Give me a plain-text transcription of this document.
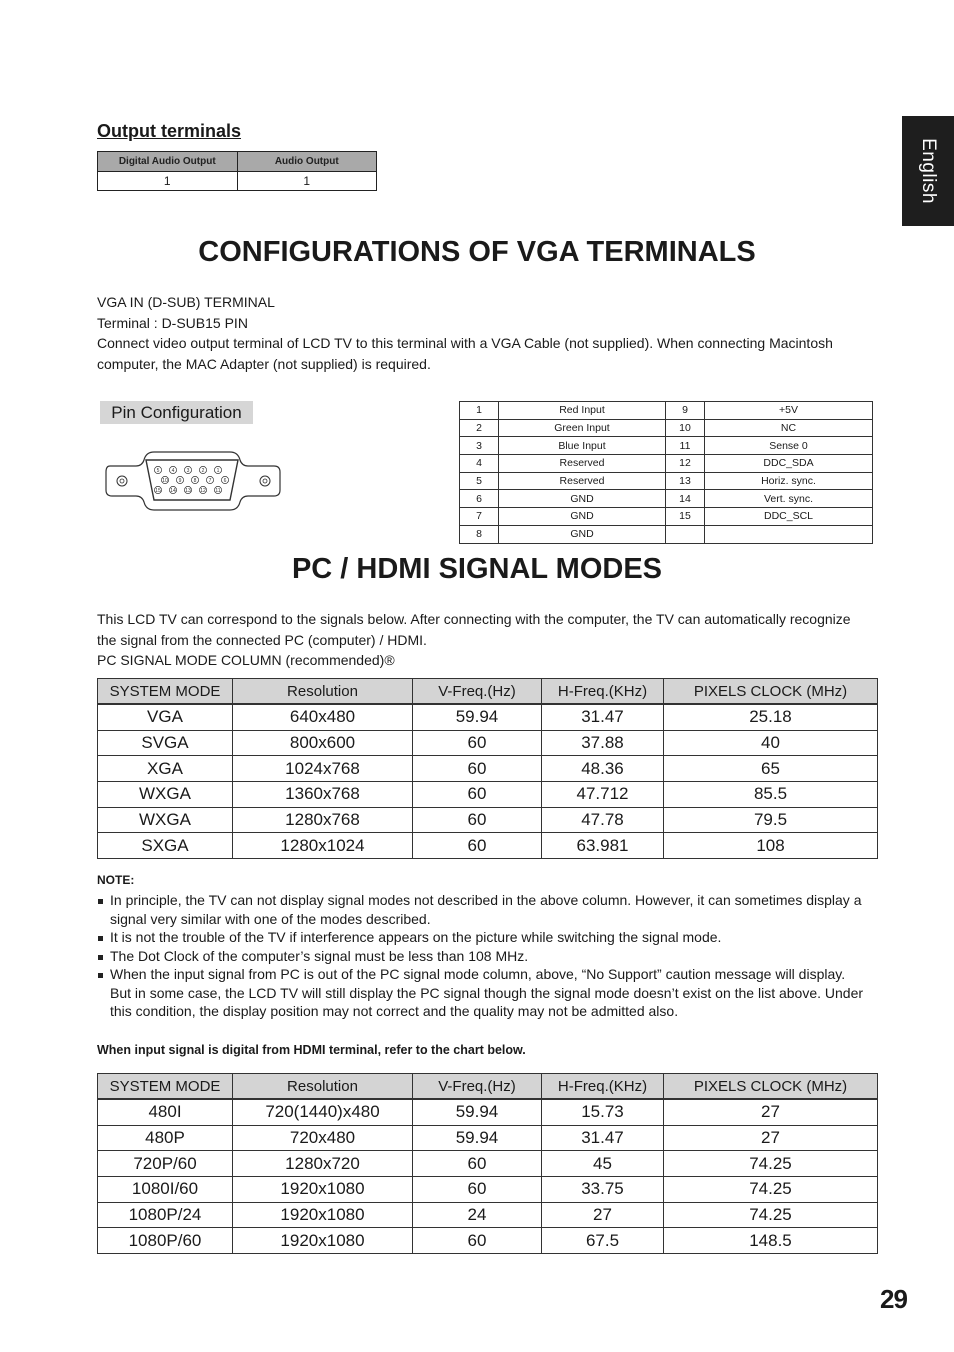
English
Output terminals
Digital Audio Output	Audio Output
1	1
CONFIGURATIONS OF VGA TERMINALS
VGA IN (D-SUB) TERMINAL
Terminal : D-SUB15 PIN
Connect video output terminal of LCD TV to this terminal with a VGA Cable (not supplied). When connecting Macintosh computer, the MAC Adapter (not supplied) is required.
Pin Configuration
5 4 3 2 1
10 9 8 7 6
15 14 13 12 11
1	Red Input	9	+5V
2	Green Input	10	NC
3	Blue Input	11	Sense 0
4	Reserved	12	DDC_SDA
5	Reserved	13	Horiz. sync.
6	GND	14	Vert. sync.
7	GND	15	DDC_SCL
8	GND		
PC / HDMI SIGNAL MODES
This LCD TV can correspond to the signals below. After connecting with the computer, the TV can automatically recognize the signal from the connected PC (computer) / HDMI.
PC SIGNAL MODE COLUMN (recommended)®
SYSTEM MODE	Resolution	V-Freq.(Hz)	H-Freq.(KHz)	PIXELS CLOCK (MHz)
VGA	640x480	59.94	31.47	25.18
SVGA	800x600	60	37.88	40
XGA	1024x768	60	48.36	65
WXGA	1360x768	60	47.712	85.5
WXGA	1280x768	60	47.78	79.5
SXGA	1280x1024	60	63.981	108
NOTE:
In principle, the TV can not display signal modes not described in the above column. However, it can sometimes display a signal very similar with one of the modes described.
It is not the trouble of the TV if interference appears on the picture while switching the signal mode.
The Dot Clock of the computer’s signal must be less than 108 MHz.
When the input signal from PC is out of the PC signal mode column, above, “No Support” caution message will display. But in some case, the LCD TV will still display the PC signal though the signal mode doesn’t exist on the list above. Under this condition, the display position may not correct and the quality may not be admitted also.
When input signal is digital from HDMI terminal, refer to the chart below.
SYSTEM MODE	Resolution	V-Freq.(Hz)	H-Freq.(KHz)	PIXELS CLOCK (MHz)
480I	720(1440)x480	59.94	15.73	27
480P	720x480	59.94	31.47	27
720P/60	1280x720	60	45	74.25
1080I/60	1920x1080	60	33.75	74.25
1080P/24	1920x1080	24	27	74.25
1080P/60	1920x1080	60	67.5	148.5
29
